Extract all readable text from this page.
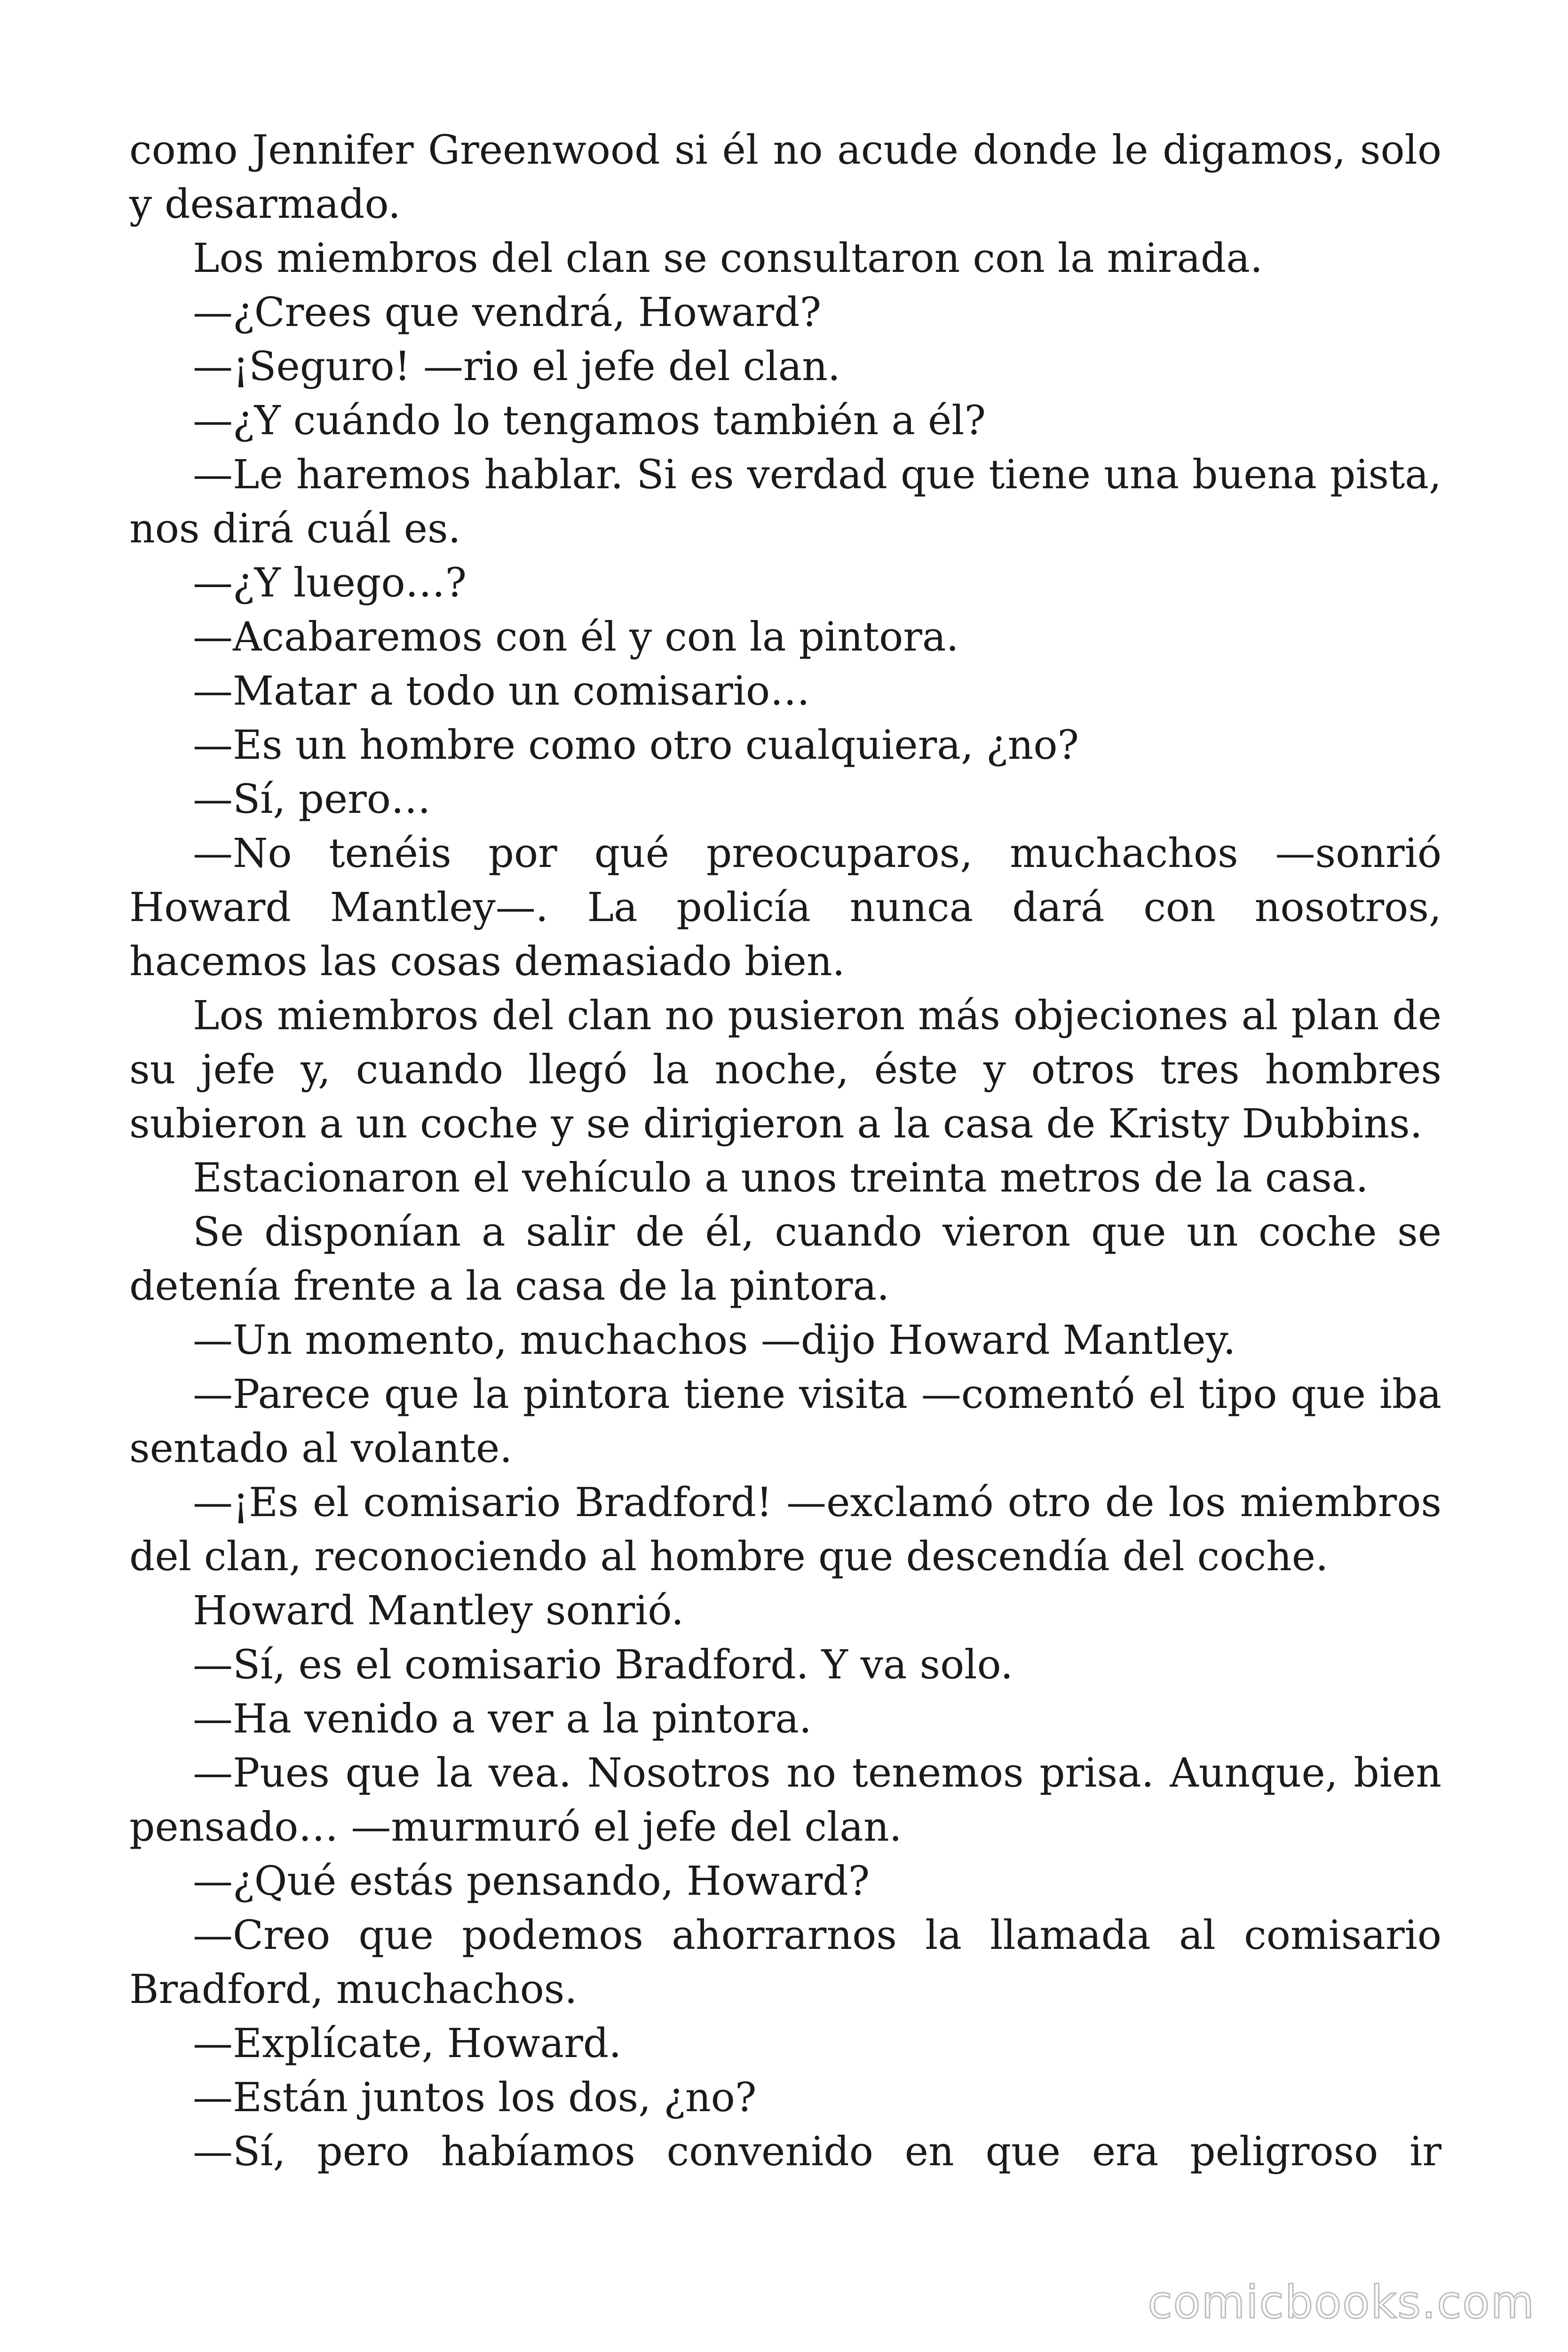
como Jennifer Greenwood si él no acude donde le digamos, solo y desarmado.

Los miembros del clan se consultaron con la mirada.

—¿Crees que vendrá, Howard?

—¡Seguro! —rio el jefe del clan.

—¿Y cuándo lo tengamos también a él?

—Le haremos hablar. Si es verdad que tiene una buena pista, nos dirá cuál es.

—¿Y luego…?

—Acabaremos con él y con la pintora.

—Matar a todo un comisario…

—Es un hombre como otro cualquiera, ¿no?

—Sí, pero…

—No tenéis por qué preocuparos, muchachos —sonrió Howard Mantley—. La policía nunca dará con nosotros, hacemos las cosas demasiado bien.

Los miembros del clan no pusieron más objeciones al plan de su jefe y, cuando llegó la noche, éste y otros tres hombres subieron a un coche y se dirigieron a la casa de Kristy Dubbins.

Estacionaron el vehículo a unos treinta metros de la casa.

Se disponían a salir de él, cuando vieron que un coche se detenía frente a la casa de la pintora.

—Un momento, muchachos —dijo Howard Mantley.

—Parece que la pintora tiene visita —comentó el tipo que iba sentado al volante.

—¡Es el comisario Bradford! —exclamó otro de los miembros del clan, reconociendo al hombre que descendía del coche.

Howard Mantley sonrió.

—Sí, es el comisario Bradford. Y va solo.

—Ha venido a ver a la pintora.

—Pues que la vea. Nosotros no tenemos prisa. Aunque, bien pensado… —murmuró el jefe del clan.

—¿Qué estás pensando, Howard?

—Creo que podemos ahorrarnos la llamada al comisario Bradford, muchachos.

—Explícate, Howard.

—Están juntos los dos, ¿no?

—Sí, pero habíamos convenido en que era peligroso ir

comicbooks.com
